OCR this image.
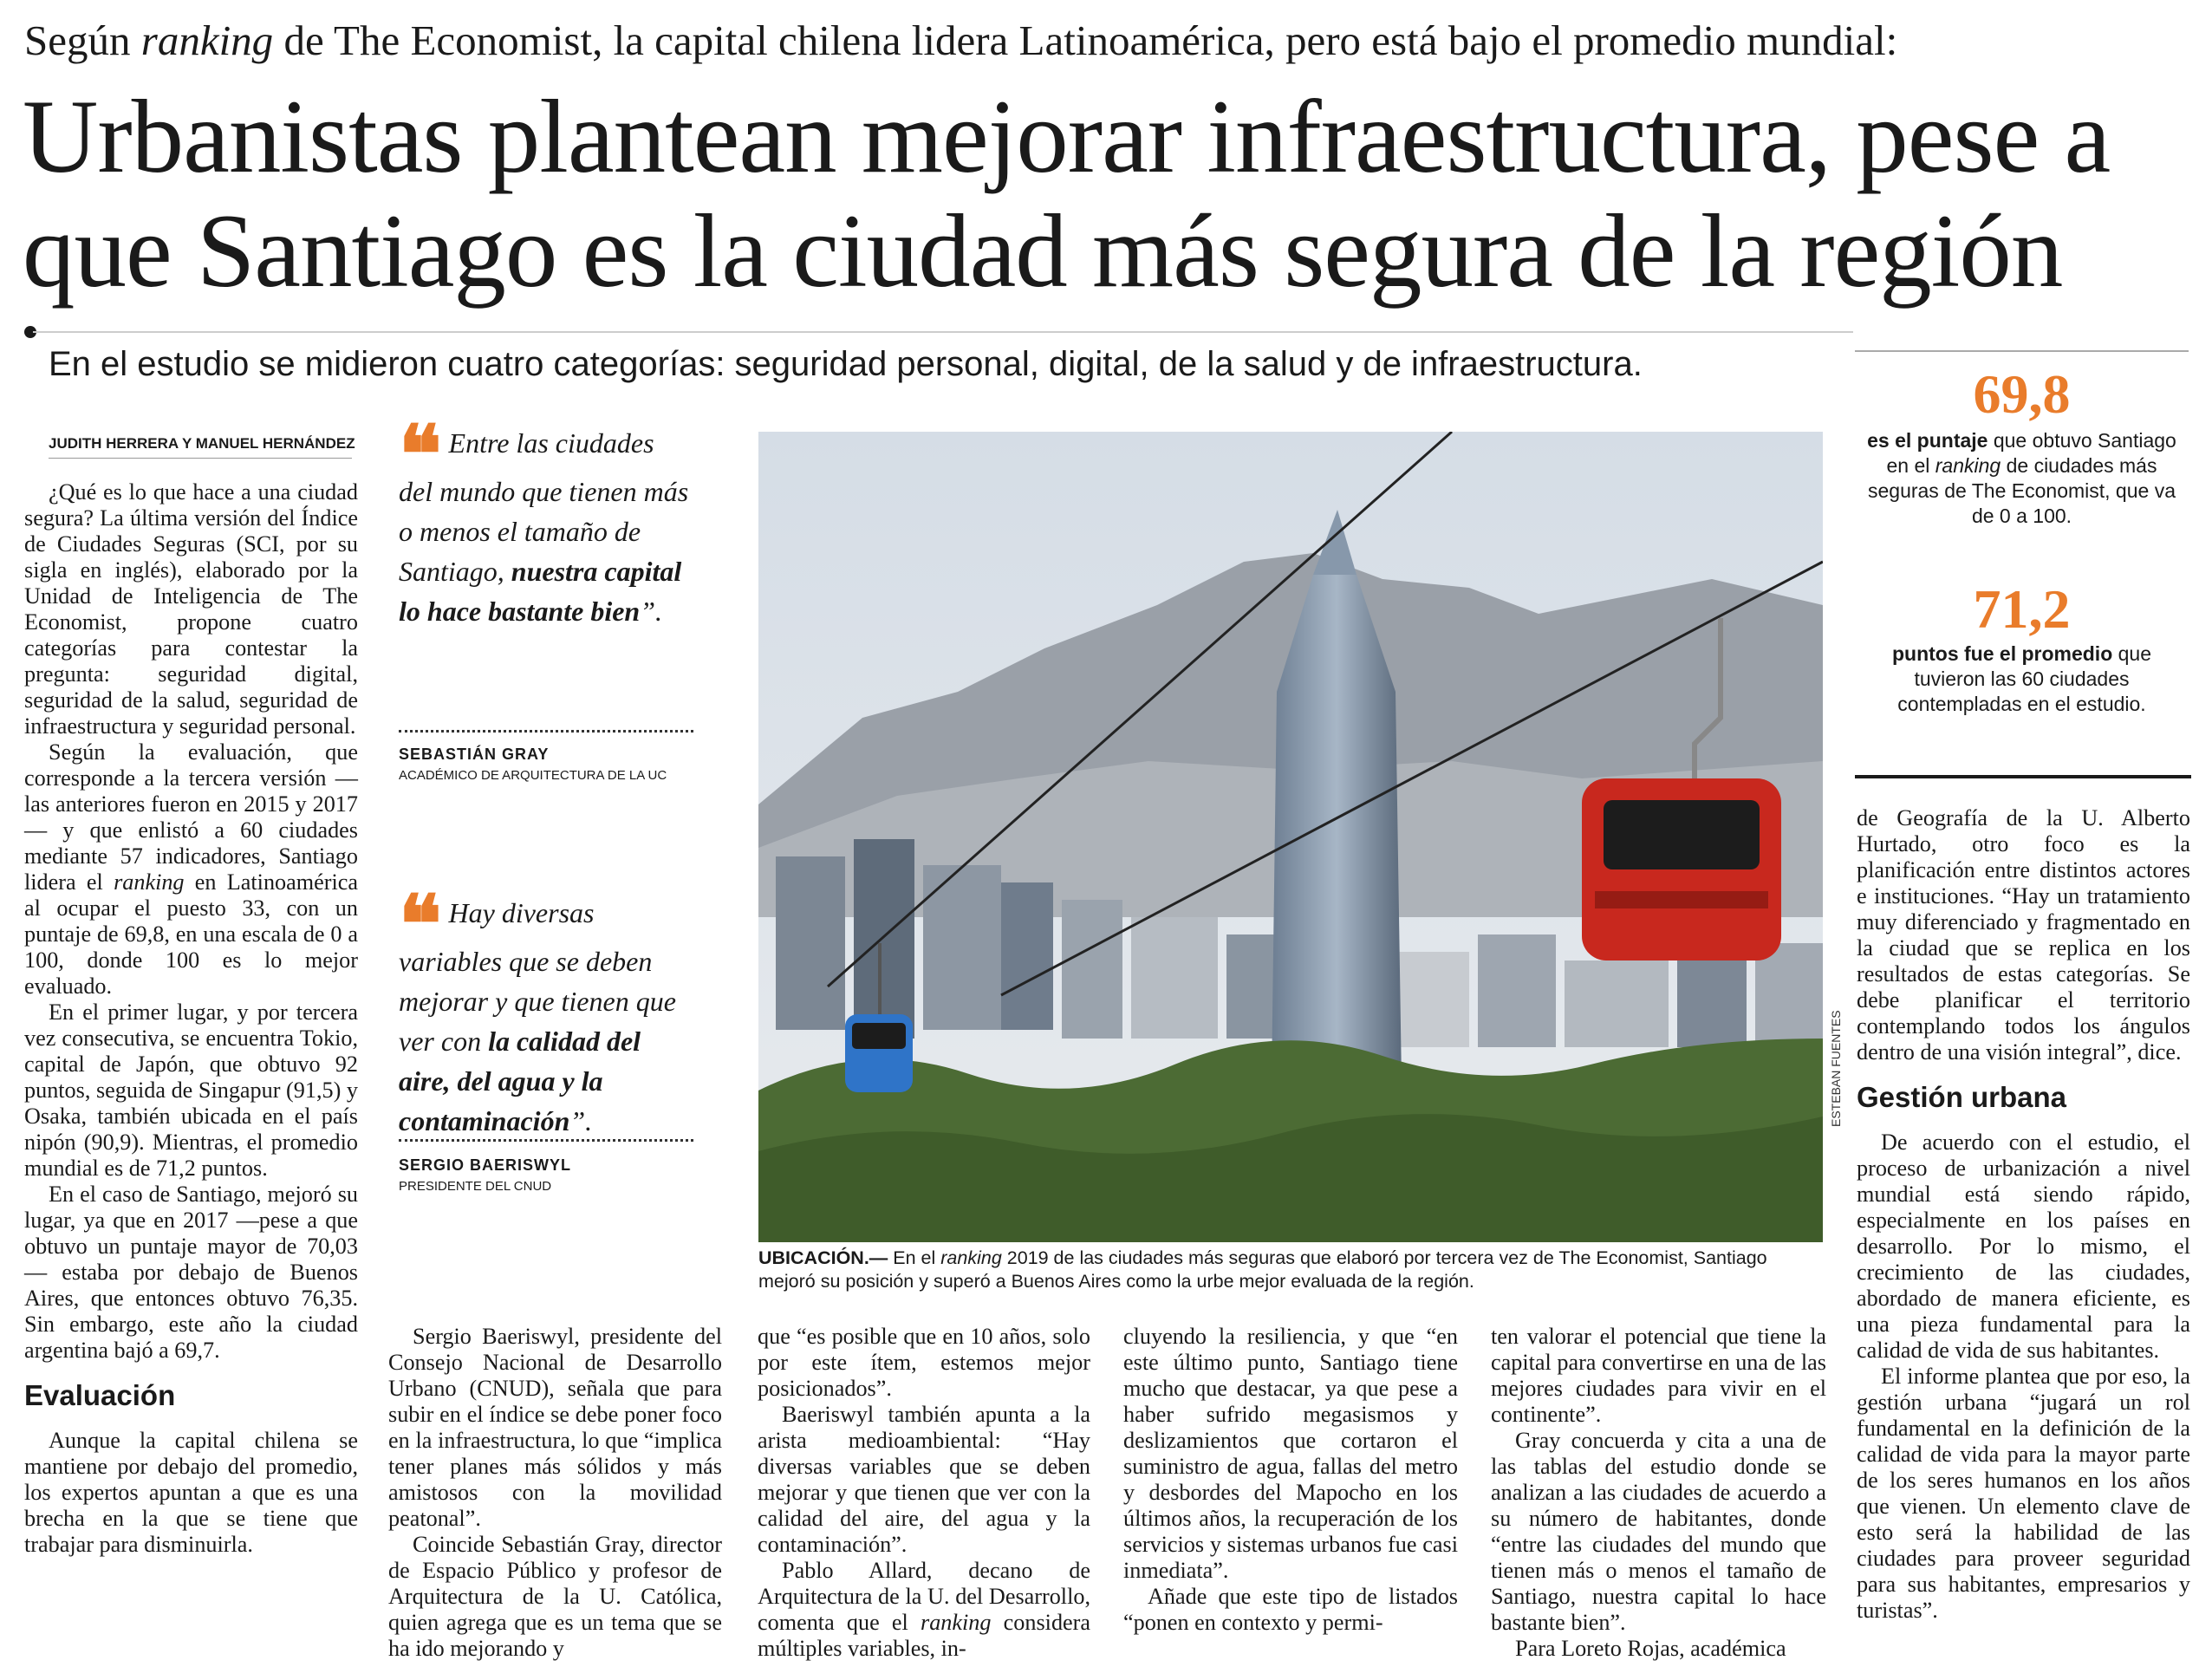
Según ranking de The Economist, la capital chilena lidera Latinoamérica, pero está bajo el promedio mundial:
Urbanistas plantean mejorar infraestructura, pese a
que Santiago es la ciudad más segura de la región
En el estudio se midieron cuatro categorías: seguridad personal, digital, de la salud y de infraestructura.
JUDITH HERRERA Y MANUEL HERNÁNDEZ

¿Qué es lo que hace a una ciudad segura? La última versión del Índice de Ciudades Seguras (SCI, por su sigla en inglés), elaborado por la Unidad de Inteligencia de The Economist, propone cuatro categorías para contestar la pregunta: seguridad digital, seguridad de la salud, seguridad de infraestructura y seguridad personal.

Según la evaluación, que corresponde a la tercera versión —las anteriores fueron en 2015 y 2017— y que enlistó a 60 ciudades mediante 57 indicadores, Santiago lidera el ranking en Latinoamérica al ocupar el puesto 33, con un puntaje de 69,8, en una escala de 0 a 100, donde 100 es lo mejor evaluado.

En el primer lugar, y por tercera vez consecutiva, se encuentra Tokio, capital de Japón, que obtuvo 92 puntos, seguida de Singapur (91,5) y Osaka, también ubicada en el país nipón (90,9). Mientras, el promedio mundial es de 71,2 puntos.

En el caso de Santiago, mejoró su lugar, ya que en 2017 —pese a que obtuvo un puntaje mayor de 70,03— estaba por debajo de Buenos Aires, que entonces obtuvo 76,35. Sin embargo, este año la ciudad argentina bajó a 69,7.

Evaluación

Aunque la capital chilena se mantiene por debajo del promedio, los expertos apuntan a que es una brecha en la que se tiene que trabajar para disminuirla.

❝ Entre las ciudades del mundo que tienen más o menos el tamaño de Santiago, nuestra capital lo hace bastante bien”.
SEBASTIÁN GRAY
ACADÉMICO DE ARQUITECTURA DE LA UC
❝ Hay diversas variables que se deben mejorar y que tienen que ver con la calidad del aire, del agua y la contaminación”.
SERGIO BAERISWYL
PRESIDENTE DEL CNUD
ESTEBAN FUENTES
UBICACIÓN.— En el ranking 2019 de las ciudades más seguras que elaboró por tercera vez de The Economist, Santiago mejoró su posición y superó a Buenos Aires como la urbe mejor evaluada de la región.

Sergio Baeriswyl, presidente del Consejo Nacional de Desarrollo Urbano (CNUD), señala que para subir en el índice se debe poner foco en la infraestructura, lo que “implica tener planes más sólidos y más amistosos con la movilidad peatonal”.

Coincide Sebastián Gray, director de Espacio Público y profesor de Arquitectura de la U. Católica, quien agrega que es un tema que se ha ido mejorando y

que “es posible que en 10 años, solo por este ítem, estemos mejor posicionados”.

Baeriswyl también apunta a la arista medioambiental: “Hay diversas variables que se deben mejorar y que tienen que ver con la calidad del aire, del agua y la contaminación”.

Pablo Allard, decano de Arquitectura de la U. del Desarrollo, comenta que el ranking considera múltiples variables, in-

cluyendo la resiliencia, y que “en este último punto, Santiago tiene mucho que destacar, ya que pese a haber sufrido megasismos y deslizamientos que cortaron el suministro de agua, fallas del metro y desbordes del Mapocho en los últimos años, la recuperación de los servicios y sistemas urbanos fue casi inmediata”.

Añade que este tipo de listados “ponen en contexto y permi-

ten valorar el potencial que tiene la capital para convertirse en una de las mejores ciudades para vivir en el continente”.

Gray concuerda y cita a una de las tablas del estudio donde se analizan a las ciudades de acuerdo a su número de habitantes, donde “entre las ciudades del mundo que tienen más o menos el tamaño de Santiago, nuestra capital lo hace bastante bien”.

Para Loreto Rojas, académica

69,8
es el puntaje que obtuvo Santiago en el ranking de ciudades más seguras de The Economist, que va de 0 a 100.
71,2
puntos fue el promedio que tuvieron las 60 ciudades contempladas en el estudio.

de Geografía de la U. Alberto Hurtado, otro foco es la planificación entre distintos actores e instituciones. “Hay un tratamiento muy diferenciado y fragmentado en la ciudad que se replica en los resultados de estas categorías. Se debe planificar el territorio contemplando todos los ángulos dentro de una visión integral”, dice.

Gestión urbana

De acuerdo con el estudio, el proceso de urbanización a nivel mundial está siendo rápido, especialmente en los países en desarrollo. Por lo mismo, el crecimiento de las ciudades, abordado de manera eficiente, es una pieza fundamental para la calidad de vida de sus habitantes.

El informe plantea que por eso, la gestión urbana “jugará un rol fundamental en la definición de la calidad de vida para la mayor parte de los seres humanos en los años que vienen. Un elemento clave de esto será la habilidad de las ciudades para proveer seguridad para sus habitantes, empresarios y turistas”.
